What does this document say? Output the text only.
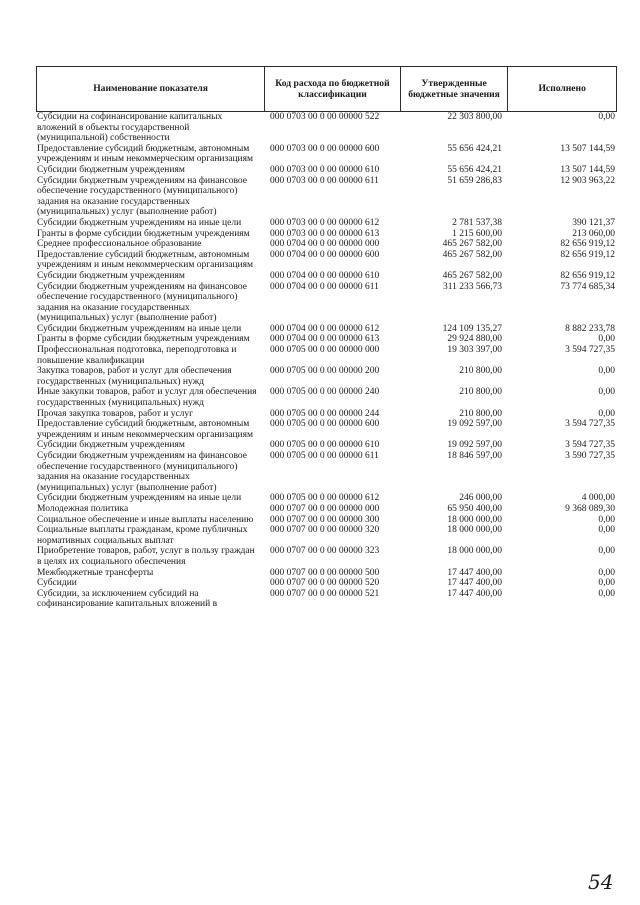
Наименование показателя
Код расхода по бюджетной классификации
Утвержденные бюджетные значения
Исполнено
Субсидии на софинансирование капитальных вложений в объекты государственной (муниципальной) собственности
000 0703 00 0 00 00000 522	22 303 800,00	0,00
Предоставление субсидий бюджетным, автономным учреждениям и иным некоммерческим организациям
000 0703 00 0 00 00000 600	55 656 424,21	13 507 144,59
Субсидии бюджетным учреждениям	000 0703 00 0 00 00000 610	55 656 424,21	13 507 144,59
Субсидии бюджетным учреждениям на финансовое обеспечение государственного (муниципального) задания на оказание государственных (муниципальных) услуг (выполнение работ)
000 0703 00 0 00 00000 611	51 659 286,83	12 903 963,22
Субсидии бюджетным учреждениям на иные цели	000 0703 00 0 00 00000 612	2 781 537,38	390 121,37
Гранты в форме субсидии бюджетным учреждениям	000 0703 00 0 00 00000 613	1 215 600,00	213 060,00
Среднее профессиональное образование	000 0704 00 0 00 00000 000	465 267 582,00	82 656 919,12
Предоставление субсидий бюджетным, автономным учреждениям и иным некоммерческим организациям
000 0704 00 0 00 00000 600	465 267 582,00	82 656 919,12
Субсидии бюджетным учреждениям	000 0704 00 0 00 00000 610	465 267 582,00	82 656 919,12
Субсидии бюджетным учреждениям на финансовое обеспечение государственного (муниципального) задания на оказание государственных (муниципальных) услуг (выполнение работ)
000 0704 00 0 00 00000 611	311 233 566,73	73 774 685,34
Субсидии бюджетным учреждениям на иные цели	000 0704 00 0 00 00000 612	124 109 135,27	8 882 233,78
Гранты в форме субсидии бюджетным учреждениям	000 0704 00 0 00 00000 613	29 924 880,00	0,00
Профессиональная подготовка, переподготовка и повышение квалификации
000 0705 00 0 00 00000 000	19 303 397,00	3 594 727,35
Закупка товаров, работ и услуг для обеспечения государственных (муниципальных) нужд
000 0705 00 0 00 00000 200	210 800,00	0,00
Иные закупки товаров, работ и услуг для обеспечения государственных (муниципальных) нужд
000 0705 00 0 00 00000 240	210 800,00	0,00
Прочая закупка товаров, работ и услуг	000 0705 00 0 00 00000 244	210 800,00	0,00
Предоставление субсидий бюджетным, автономным учреждениям и иным некоммерческим организациям
000 0705 00 0 00 00000 600	19 092 597,00	3 594 727,35
Субсидии бюджетным учреждениям	000 0705 00 0 00 00000 610	19 092 597,00	3 594 727,35
Субсидии бюджетным учреждениям на финансовое обеспечение государственного (муниципального) задания на оказание государственных (муниципальных) услуг (выполнение работ)
000 0705 00 0 00 00000 611	18 846 597,00	3 590 727,35
Субсидии бюджетным учреждениям на иные цели	000 0705 00 0 00 00000 612	246 000,00	4 000,00
Молодежная политика	000 0707 00 0 00 00000 000	65 950 400,00	9 368 089,30
Социальное обеспечение и иные выплаты населению	000 0707 00 0 00 00000 300	18 000 000,00	0,00
Социальные выплаты гражданам, кроме публичных нормативных социальных выплат
000 0707 00 0 00 00000 320	18 000 000,00	0,00
Приобретение товаров, работ, услуг в пользу граждан в целях их социального обеспечения
000 0707 00 0 00 00000 323	18 000 000,00	0,00
Межбюджетные трансферты	000 0707 00 0 00 00000 500	17 447 400,00	0,00
Субсидии	000 0707 00 0 00 00000 520	17 447 400,00	0,00
Субсидии, за исключением субсидий на софинансирование капитальных вложений в
000 0707 00 0 00 00000 521	17 447 400,00	0,00
54
